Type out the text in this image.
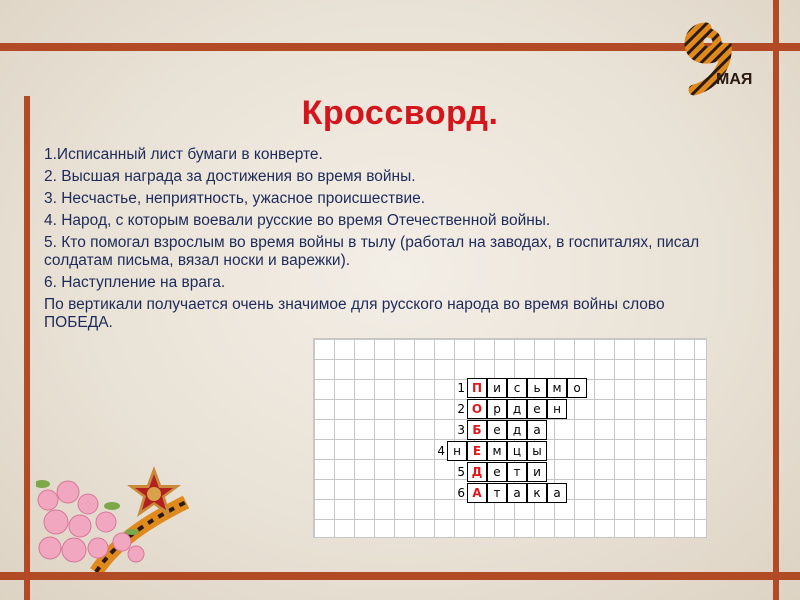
МАЯ
Кроссворд.

1.Исписанный лист бумаги в конверте.

2. Высшая награда за достижения во время войны.

3. Несчастье, неприятность, ужасное происшествие.

4. Народ, с которым воевали русские во время Отечественной войны.

5. Кто помогал взрослым во время войны в тылу (работал на заводах, в госпиталях, писал солдатам письма, вязал носки и варежки).

6. Наступление на врага.

По вертикали получается очень значимое для русского народа во время войны слово ПОБЕДА.

1 П и	с	ь м о
2 О р	д	е	н
3 Б е	д	а
4 н Е м ц ы
5 Д е	т	и
6 А т	а	к	а
